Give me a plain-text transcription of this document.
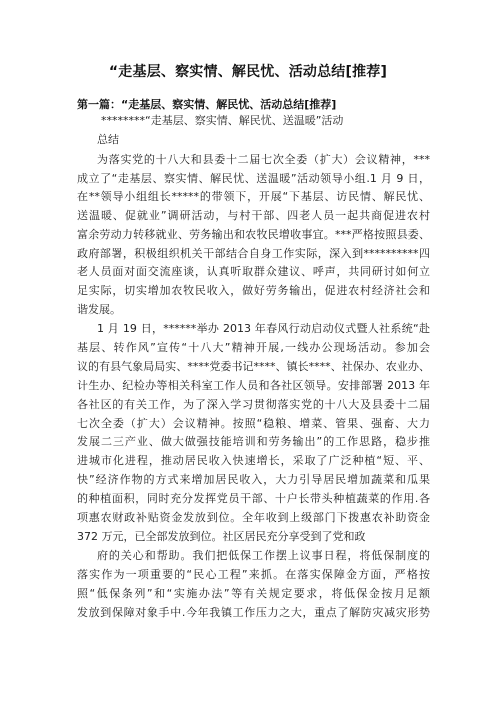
“走基层、察实情、解民忧、活动总结[推荐]
第一篇：“走基层、察实情、解民忧、活动总结[推荐]
********“走基层、察实情、解民忧、送温暖”活动
总结
为落实党的十八大和县委十二届七次全委（扩大）会议精神，***
成立了“走基层、察实情、解民忧、送温暖”活动领导小组.1 月 9 日，
在**领导小组组长*****的带领下，开展“下基层、访民情、解民忧、
送温暖、促就业”调研活动，与村干部、四老人员一起共商促进农村
富余劳动力转移就业、劳务输出和农牧民增收事宜。***严格按照县委、
政府部署，积极组织机关干部结合自身工作实际，深入到**********四
老人员面对面交流座谈，认真听取群众建议、呼声，共同研讨如何立
足实际，切实增加农牧民收入，做好劳务输出，促进农村经济社会和
谐发展。
1 月 19 日，******举办 2013 年春风行动启动仪式暨人社系统“赴
基层、转作风”宣传“十八大”精神开展,一线办公现场活动。参加会
议的有县气象局局实、****党委书记****、镇长****、社保办、农业办、
计生办、纪检办等相关科室工作人员和各社区领导。安排部署 2013 年
各社区的有关工作，为了深入学习贯彻落实党的十八大及县委十二届
七次全委（扩大）会议精神。按照“稳粮、增菜、管果、强畜、大力
发展二三产业、做大做强技能培训和劳务输出”的工作思路，稳步推
进城市化进程，推动居民收入快速增长，采取了广泛种植“短、平、
快”经济作物的方式来增加居民收入，大力引导居民增加蔬菜和瓜果
的种植面积，同时充分发挥党员干部、十户长带头种植蔬菜的作用.各
项惠农财政补贴资金发放到位。全年收到上级部门下拨惠农补助资金
372 万元，已全部发放到位。社区居民充分享受到了党和政
府的关心和帮助。我们把低保工作摆上议事日程，将低保制度的
落实作为一项重要的“民心工程”来抓。在落实保障金方面，严格按
照“低保条列”和“实施办法”等有关规定要求，将低保金按月足额
发放到保障对象手中.今年我镇工作压力之大，重点了解防灾减灾形势
